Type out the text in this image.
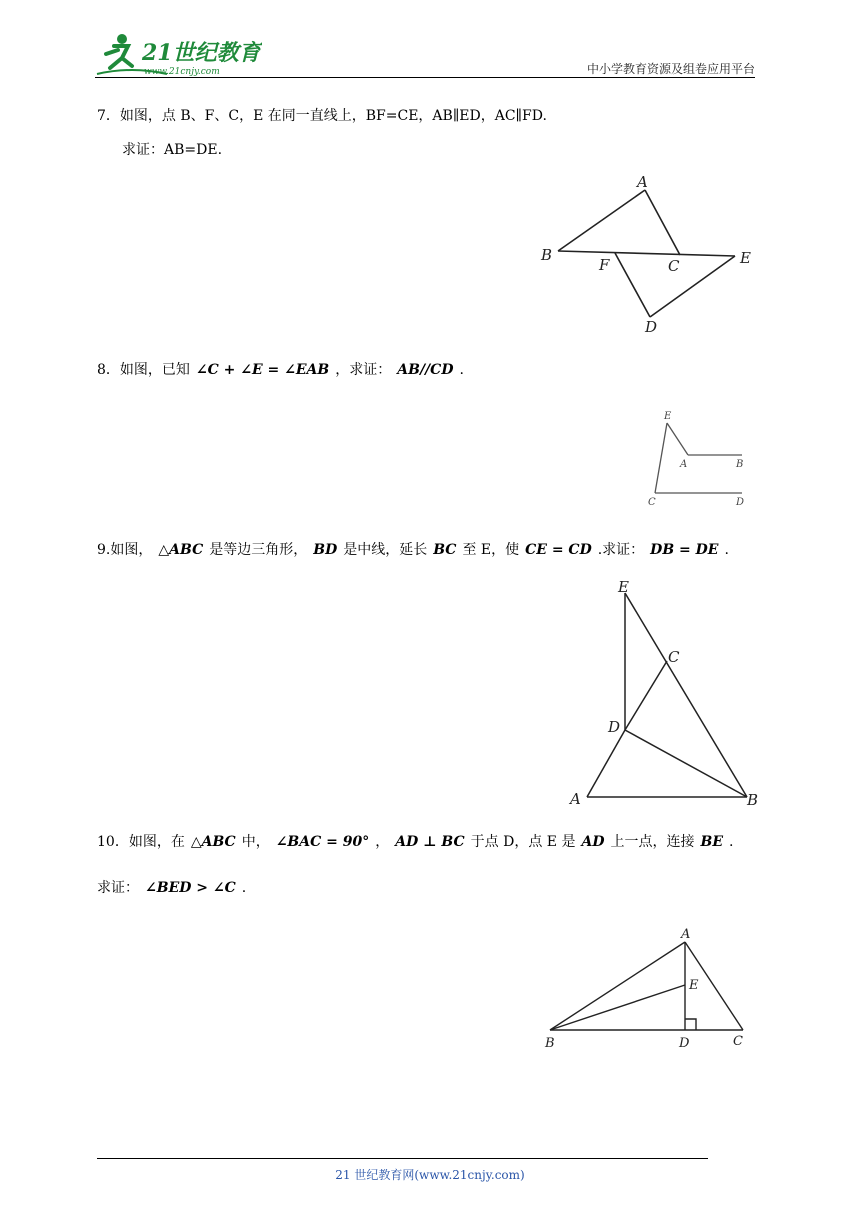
21世纪教育
www.21cnjy.com	中小学教育资源及组卷应用平台
7．如图，点 B、F、C，E 在同一直线上，BF=CE，AB∥ED，AC∥FD.
求证：AB=DE.
A
B
F	C	E
D
8．如图，已知 ∠C + ∠E = ∠EAB ，求证： AB//CD .
E
A	B
C	D
9.如图， △ABC 是等边三角形， BD 是中线，延长 BC 至 E，使 CE = CD .求证： DB = DE .
E
C
D
A	B
10．如图，在 △ABC 中， ∠BAC = 90° ， AD ⊥ BC 于点 D，点 E 是 AD 上一点，连接 BE .
求证： ∠BED > ∠C .
A
E
B	D	C
21 世纪教育网(www.21cnjy.com)
